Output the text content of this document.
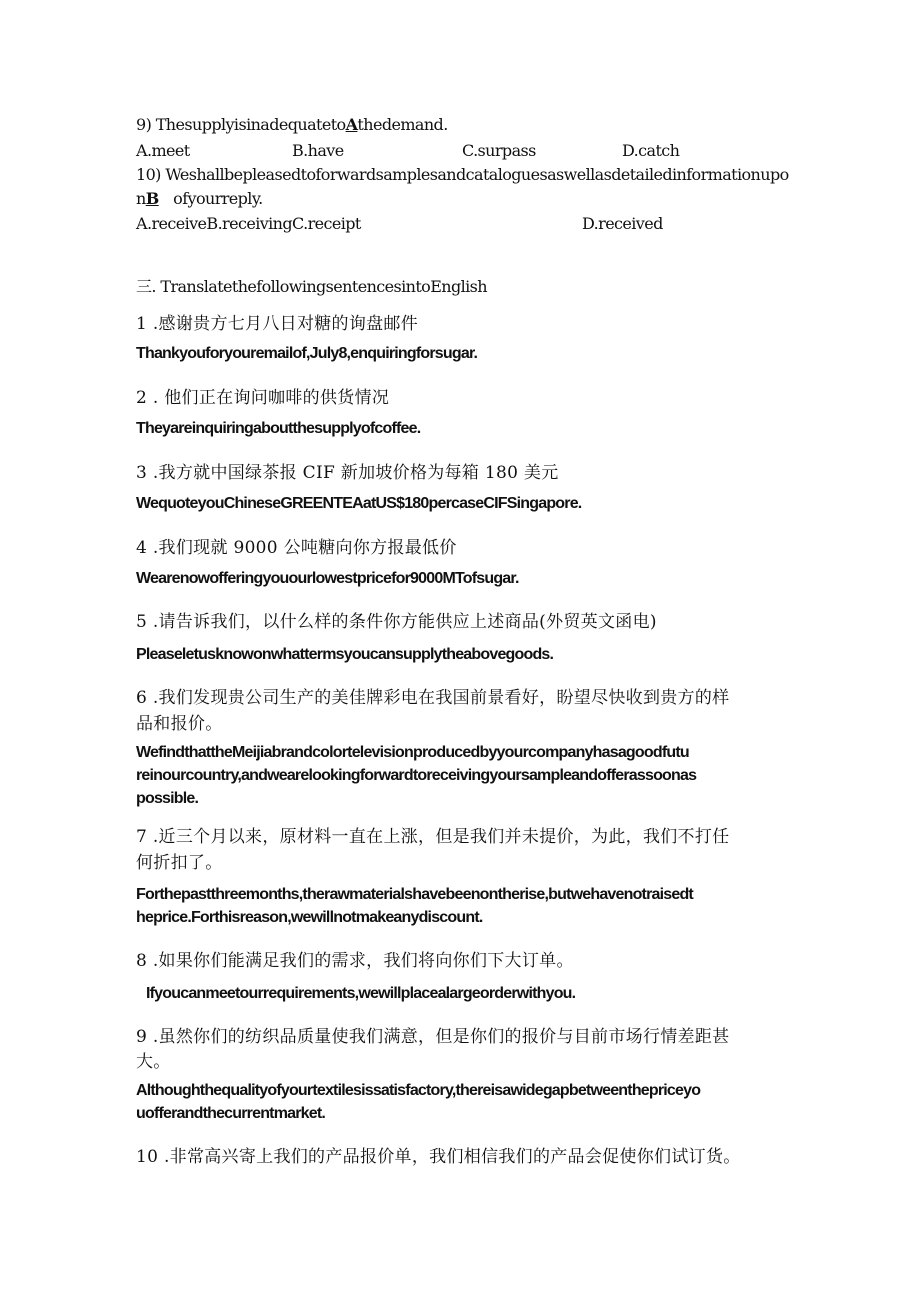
9) ThesupplyisinadequatetoAthedemand.
A.meet	B.have	C.surpass	D.catch
10) Weshallbepleasedtoforwardsamplesandcataloguesaswellasdetailedinformationupo
nB ofyourreply.
A.receiveB.receivingC.receipt	D.received
三. TranslatethefollowingsentencesintoEnglish
1 .感谢贵方七月八日对糖的询盘邮件
Thankyouforyouremailof,July8,enquiringforsugar.
2 . 他们正在询问咖啡的供货情况
Theyareinquiringaboutthesupplyofcoffee.
3 .我方就中国绿茶报 CIF 新加坡价格为每箱 180 美元
WequoteyouChineseGREENTEAatUS$180percaseCIFSingapore.
4 .我们现就 9000 公吨糖向你方报最低价
Wearenowofferingyouourlowestpricefor9000MTofsugar.
5 .请告诉我们，以什么样的条件你方能供应上述商品(外贸英文函电)
Pleaseletusknowonwhattermsyoucansupplytheabovegoods.
6 .我们发现贵公司生产的美佳牌彩电在我国前景看好，盼望尽快收到贵方的样
品和报价。
WefindthattheMeijiabrandcolortelevisionproducedbyyourcompanyhasagoodfutu
reinourcountry,andwearelookingforwardtoreceivingyoursampleandofferassoonas
possible.
7 .近三个月以来，原材料一直在上涨，但是我们并未提价，为此，我们不打任
何折扣了。
Forthepastthreemonths,therawmaterialshavebeenontherise,butwehavenotraisedt
heprice.Forthisreason,wewillnotmakeanydiscount.
8 .如果你们能满足我们的需求，我们将向你们下大订单。
Ifyoucanmeetourrequirements,wewillplacealargeorderwithyou.
9 .虽然你们的纺织品质量使我们满意，但是你们的报价与目前市场行情差距甚
大。
Althoughthequalityofyourtextilesissatisfactory,thereisawidegapbetweenthepriceyo
uofferandthecurrentmarket.
10 .非常高兴寄上我们的产品报价单，我们相信我们的产品会促使你们试订货。
